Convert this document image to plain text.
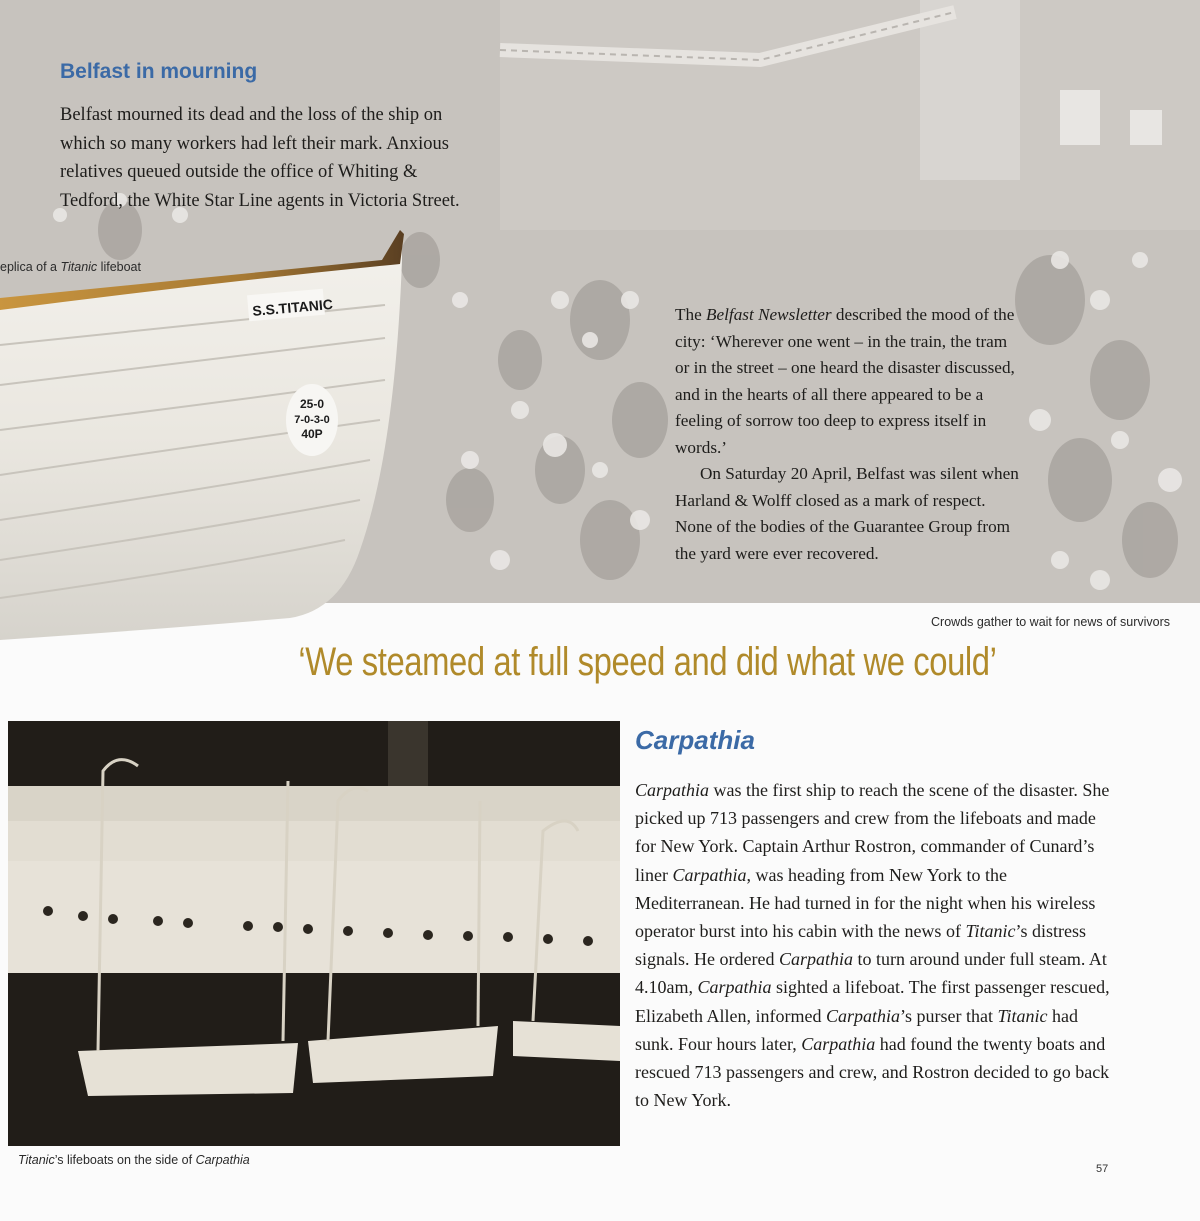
Belfast in mourning
Belfast mourned its dead and the loss of the ship on
which so many workers had left their mark. Anxious
relatives queued outside the office of Whiting &
Tedford, the White Star Line agents in Victoria Street.
S.S.TITANIC
25-0
7-0-3-0
40P
eplica of a Titanic lifeboat

The Belfast Newsletter described the mood of the city: ‘Wherever one went – in the train, the tram or in the street – one heard the disaster discussed, and in the hearts of all there appeared to be a feeling of sorrow too deep to express itself in words.’

On Saturday 20 April, Belfast was silent when Harland & Wolff closed as a mark of respect. None of the bodies of the Guarantee Group from the yard were ever recovered.

Crowds gather to wait for news of survivors
‘We steamed at full speed and did what we could’
Titanic’s lifeboats on the side of Carpathia
Carpathia
Carpathia was the first ship to reach the scene of the disaster. She picked up 713 passengers and crew from the lifeboats and made for New York. Captain Arthur Rostron, commander of Cunard’s liner Carpathia, was heading from New York to the Mediterranean. He had turned in for the night when his wireless operator burst into his cabin with the news of Titanic’s distress signals. He ordered Carpathia to turn around under full steam. At 4.10am, Carpathia sighted a lifeboat. The first passenger rescued, Elizabeth Allen, informed Carpathia’s purser that Titanic had sunk. Four hours later, Carpathia had found the twenty boats and rescued 713 passengers and crew, and Rostron decided to go back to New York.
57
